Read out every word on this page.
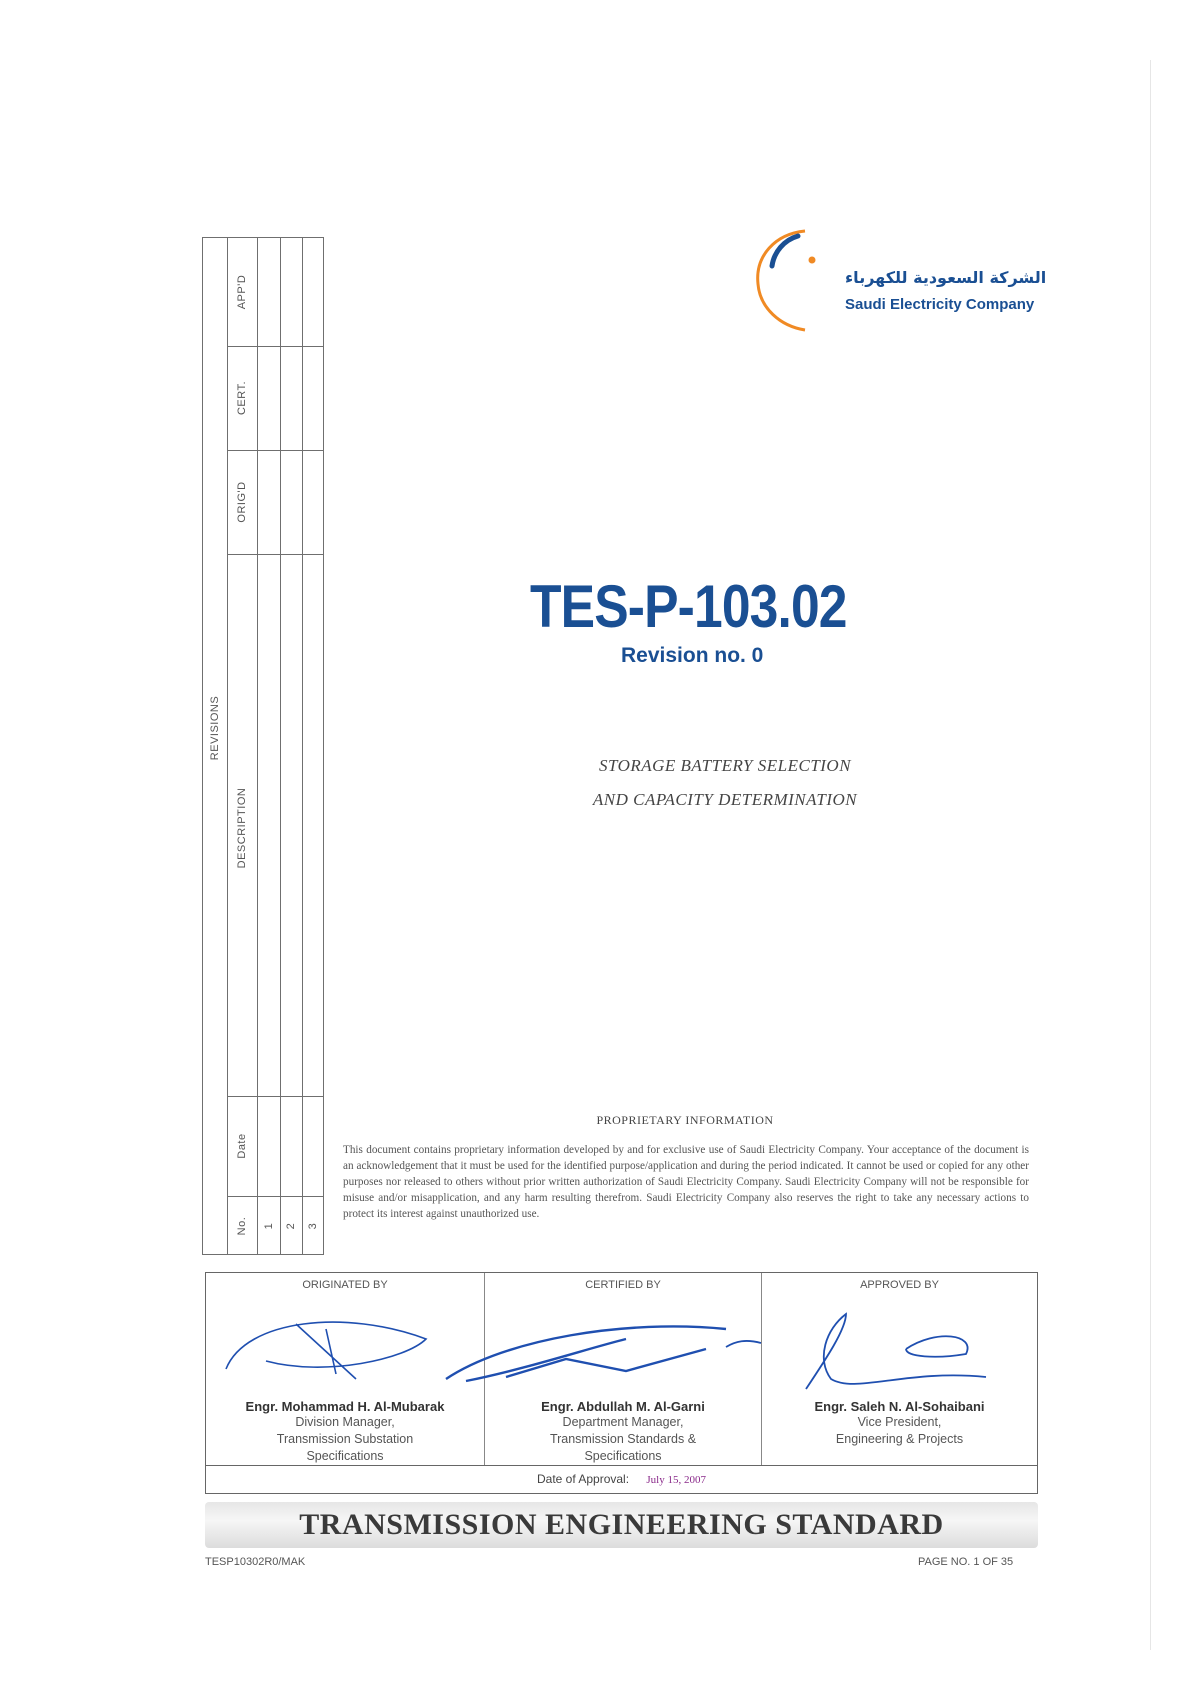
REVISIONS
APP'D
CERT.
ORIG'D
DESCRIPTION
Date
No. 1 2 3
الشركة السعودية للكهرباء
Saudi Electricity Company
TES-P-103.02
Revision no. 0
STORAGE BATTERY SELECTION
AND CAPACITY DETERMINATION
PROPRIETARY INFORMATION
This document contains proprietary information developed by and for exclusive use of Saudi Electricity Company. Your acceptance of the document is an acknowledgement that it must be used for the identified purpose/application and during the period indicated. It cannot be used or copied for any other purposes nor released to others without prior written authorization of Saudi Electricity Company. Saudi Electricity Company will not be responsible for misuse and/or misapplication, and any harm resulting therefrom. Saudi Electricity Company also reserves the right to take any necessary actions to protect its interest against unauthorized use.
ORIGINATED BY
Engr. Mohammad H. Al-Mubarak
Division Manager,
Transmission Substation
Specifications
CERTIFIED BY
Engr. Abdullah M. Al-Garni
Department Manager,
Transmission Standards &
Specifications
APPROVED BY
Engr. Saleh N. Al-Sohaibani
Vice President,
Engineering & Projects
Date of Approval: July 15, 2007
TRANSMISSION ENGINEERING STANDARD
TESP10302R0/MAK	PAGE NO. 1 OF 35
